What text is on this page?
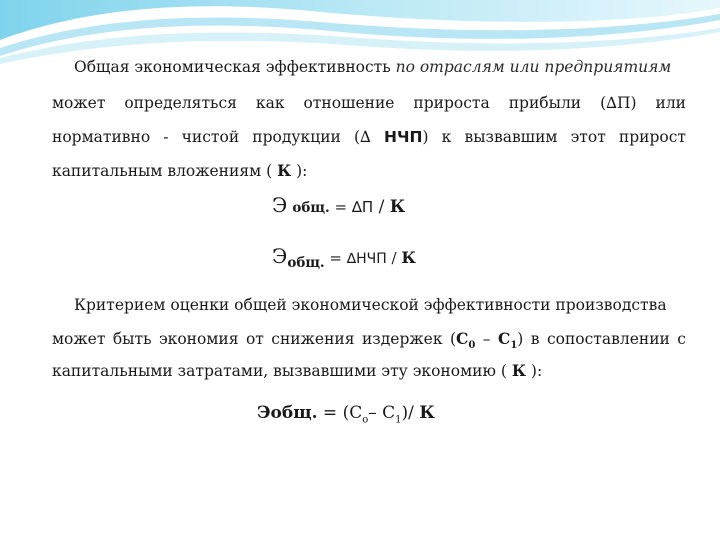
Общая экономическая эффективность по отраслям или предприятиям
может определяться как отношение прироста прибыли (∆П) или
нормативно - чистой продукции (∆ НЧП) к вызвавшим этот прирост
капитальным вложениям ( К ):
Э общ. = ∆П / К
$Э_{общ.} = \Delta НЧП / К$
Критерием оценки общей экономической эффективности производства
может быть экономия от снижения издержек $(С_0 - С_1)$ в сопоставлении с
капитальными затратами, вызвавшими эту экономию ( К ):
Эобщ. = ($С_о-$ $С_1)/$ К
